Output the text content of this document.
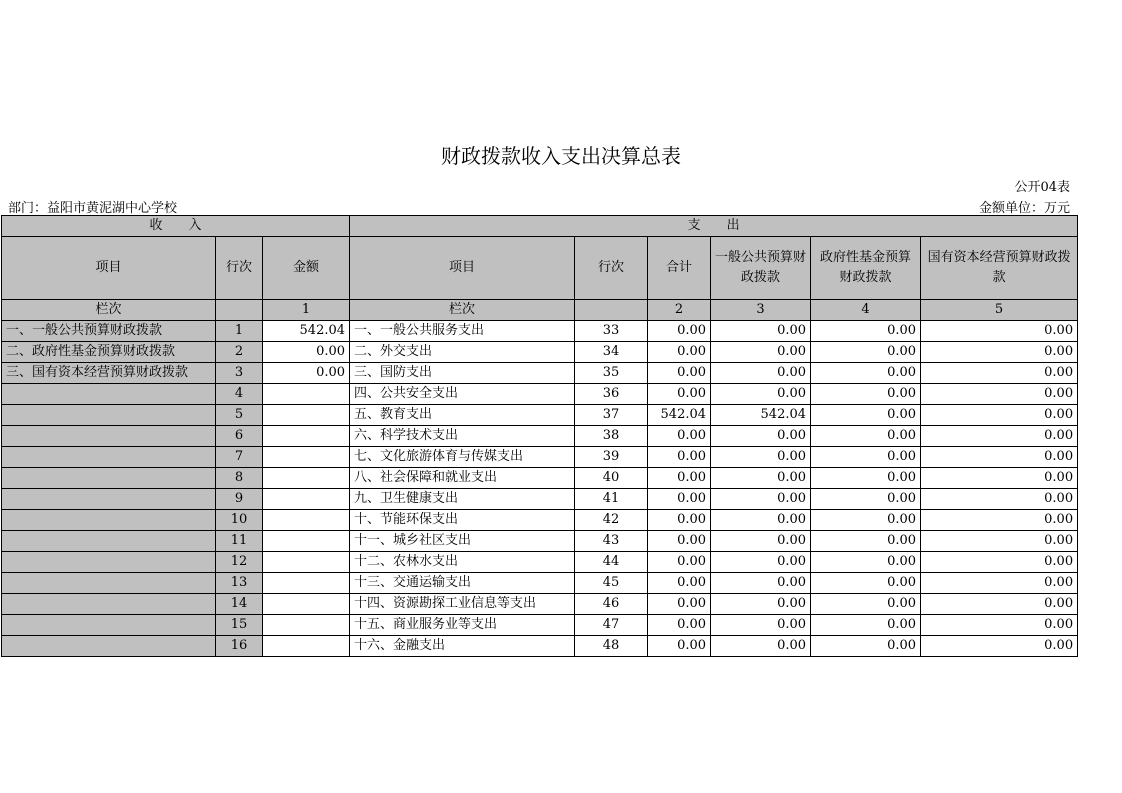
财政拨款收入支出决算总表
公开04表
部门：益阳市黄泥湖中心学校	金额单位：万元
收　　入			支　　出					
项目	行次	金额	项目	行次	合计	一般公共预算财政拨款	政府性基金预算财政拨款	国有资本经营预算财政拨款
栏次		1	栏次		2	3	4	5
一、一般公共预算财政拨款	1	542.04	一、一般公共服务支出	33	0.00	0.00	0.00	0.00
二、政府性基金预算财政拨款	2	0.00	二、外交支出	34	0.00	0.00	0.00	0.00
三、国有资本经营预算财政拨款	3	0.00	三、国防支出	35	0.00	0.00	0.00	0.00
	4		四、公共安全支出	36	0.00	0.00	0.00	0.00
	5		五、教育支出	37	542.04	542.04	0.00	0.00
	6		六、科学技术支出	38	0.00	0.00	0.00	0.00
	7		七、文化旅游体育与传媒支出	39	0.00	0.00	0.00	0.00
	8		八、社会保障和就业支出	40	0.00	0.00	0.00	0.00
	9		九、卫生健康支出	41	0.00	0.00	0.00	0.00
	10		十、节能环保支出	42	0.00	0.00	0.00	0.00
	11		十一、城乡社区支出	43	0.00	0.00	0.00	0.00
	12		十二、农林水支出	44	0.00	0.00	0.00	0.00
	13		十三、交通运输支出	45	0.00	0.00	0.00	0.00
	14		十四、资源勘探工业信息等支出	46	0.00	0.00	0.00	0.00
	15		十五、商业服务业等支出	47	0.00	0.00	0.00	0.00
	16		十六、金融支出	48	0.00	0.00	0.00	0.00
